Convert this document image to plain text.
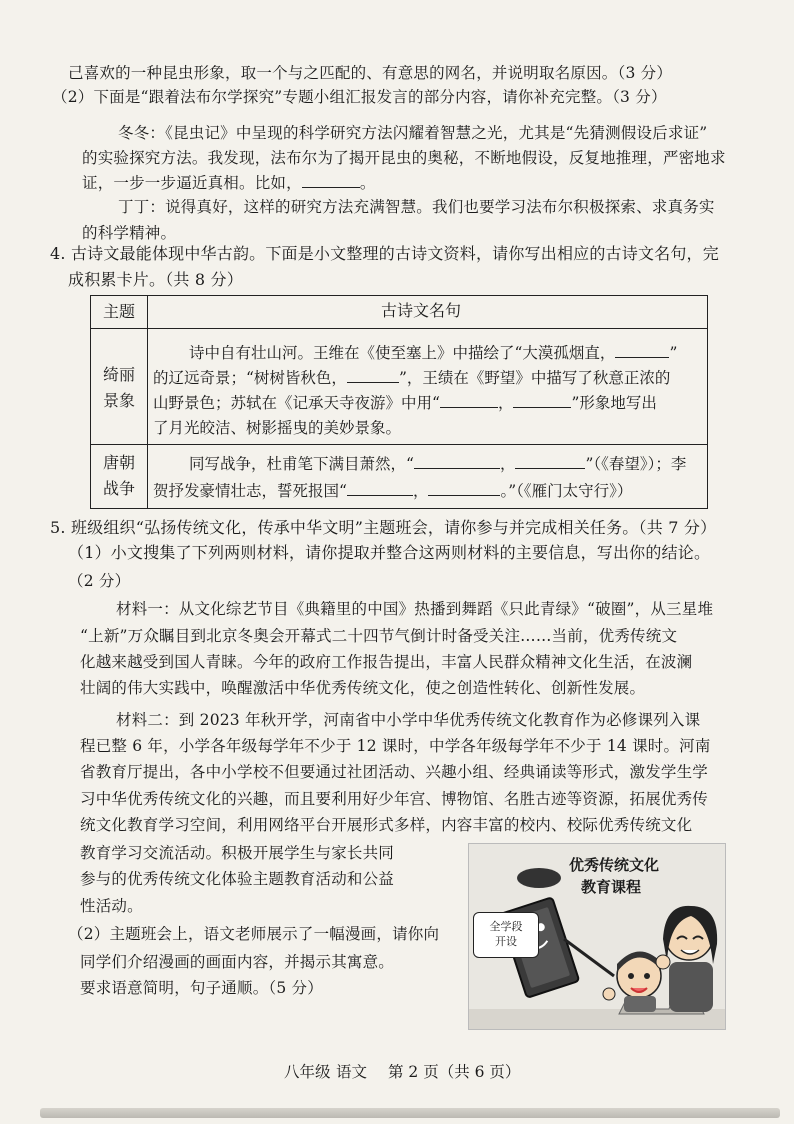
己喜欢的一种昆虫形象，取一个与之匹配的、有意思的网名，并说明取名原因。（3 分）
（2）下面是“跟着法布尔学探究”专题小组汇报发言的部分内容，请你补充完整。（3 分）
冬冬：《昆虫记》中呈现的科学研究方法闪耀着智慧之光，尤其是“先猜测假设后求证”
的实验探究方法。我发现，法布尔为了揭开昆虫的奥秘，不断地假设，反复地推理，严密地求
证，一步一步逼近真相。比如，	。
丁丁：说得真好，这样的研究方法充满智慧。我们也要学习法布尔积极探索、求真务实
的科学精神。
4. 古诗文最能体现中华古韵。下面是小文整理的古诗文资料，请你写出相应的古诗文名句，完
成积累卡片。（共 8 分）
主题	古诗文名句
绮丽
景象
诗中自有壮山河。王维在《使至塞上》中描绘了“大漠孤烟直，	”
的辽远奇景；“树树皆秋色，	”，王绩在《野望》中描写了秋意正浓的
山野景色；苏轼在《记承天寺夜游》中用“	，	”形象地写出
了月光皎洁、树影摇曳的美妙景象。
唐朝
战争
同写战争，杜甫笔下满目萧然，“	，	”（《春望》）；李
贺抒发豪情壮志，誓死报国“	，	。”（《雁门太守行》）
5. 班级组织“弘扬传统文化，传承中华文明”主题班会，请你参与并完成相关任务。（共 7 分）
（1）小文搜集了下列两则材料，请你提取并整合这两则材料的主要信息，写出你的结论。
（2 分）
材料一：从文化综艺节目《典籍里的中国》热播到舞蹈《只此青绿》“破圈”，从三星堆
“上新”万众瞩目到北京冬奥会开幕式二十四节气倒计时备受关注……当前，优秀传统文
化越来越受到国人青睐。今年的政府工作报告提出，丰富人民群众精神文化生活，在波澜
壮阔的伟大实践中，唤醒激活中华优秀传统文化，使之创造性转化、创新性发展。
材料二：到 2023 年秋开学，河南省中小学中华优秀传统文化教育作为必修课列入课
程已整 6 年，小学各年级每学年不少于 12 课时，中学各年级每学年不少于 14 课时。河南
省教育厅提出，各中小学校不但要通过社团活动、兴趣小组、经典诵读等形式，激发学生学
习中华优秀传统文化的兴趣，而且要利用好少年宫、博物馆、名胜古迹等资源，拓展优秀传
统文化教育学习空间，利用网络平台开展形式多样，内容丰富的校内、校际优秀传统文化
教育学习交流活动。积极开展学生与家长共同
参与的优秀传统文化体验主题教育活动和公益
性活动。
（2）主题班会上，语文老师展示了一幅漫画，请你向
同学们介绍漫画的画面内容，并揭示其寓意。
要求语意简明，句子通顺。（5 分）
优秀传统文化
教育课程
全学段
开设
八年级 语文 第 2 页（共 6 页）
